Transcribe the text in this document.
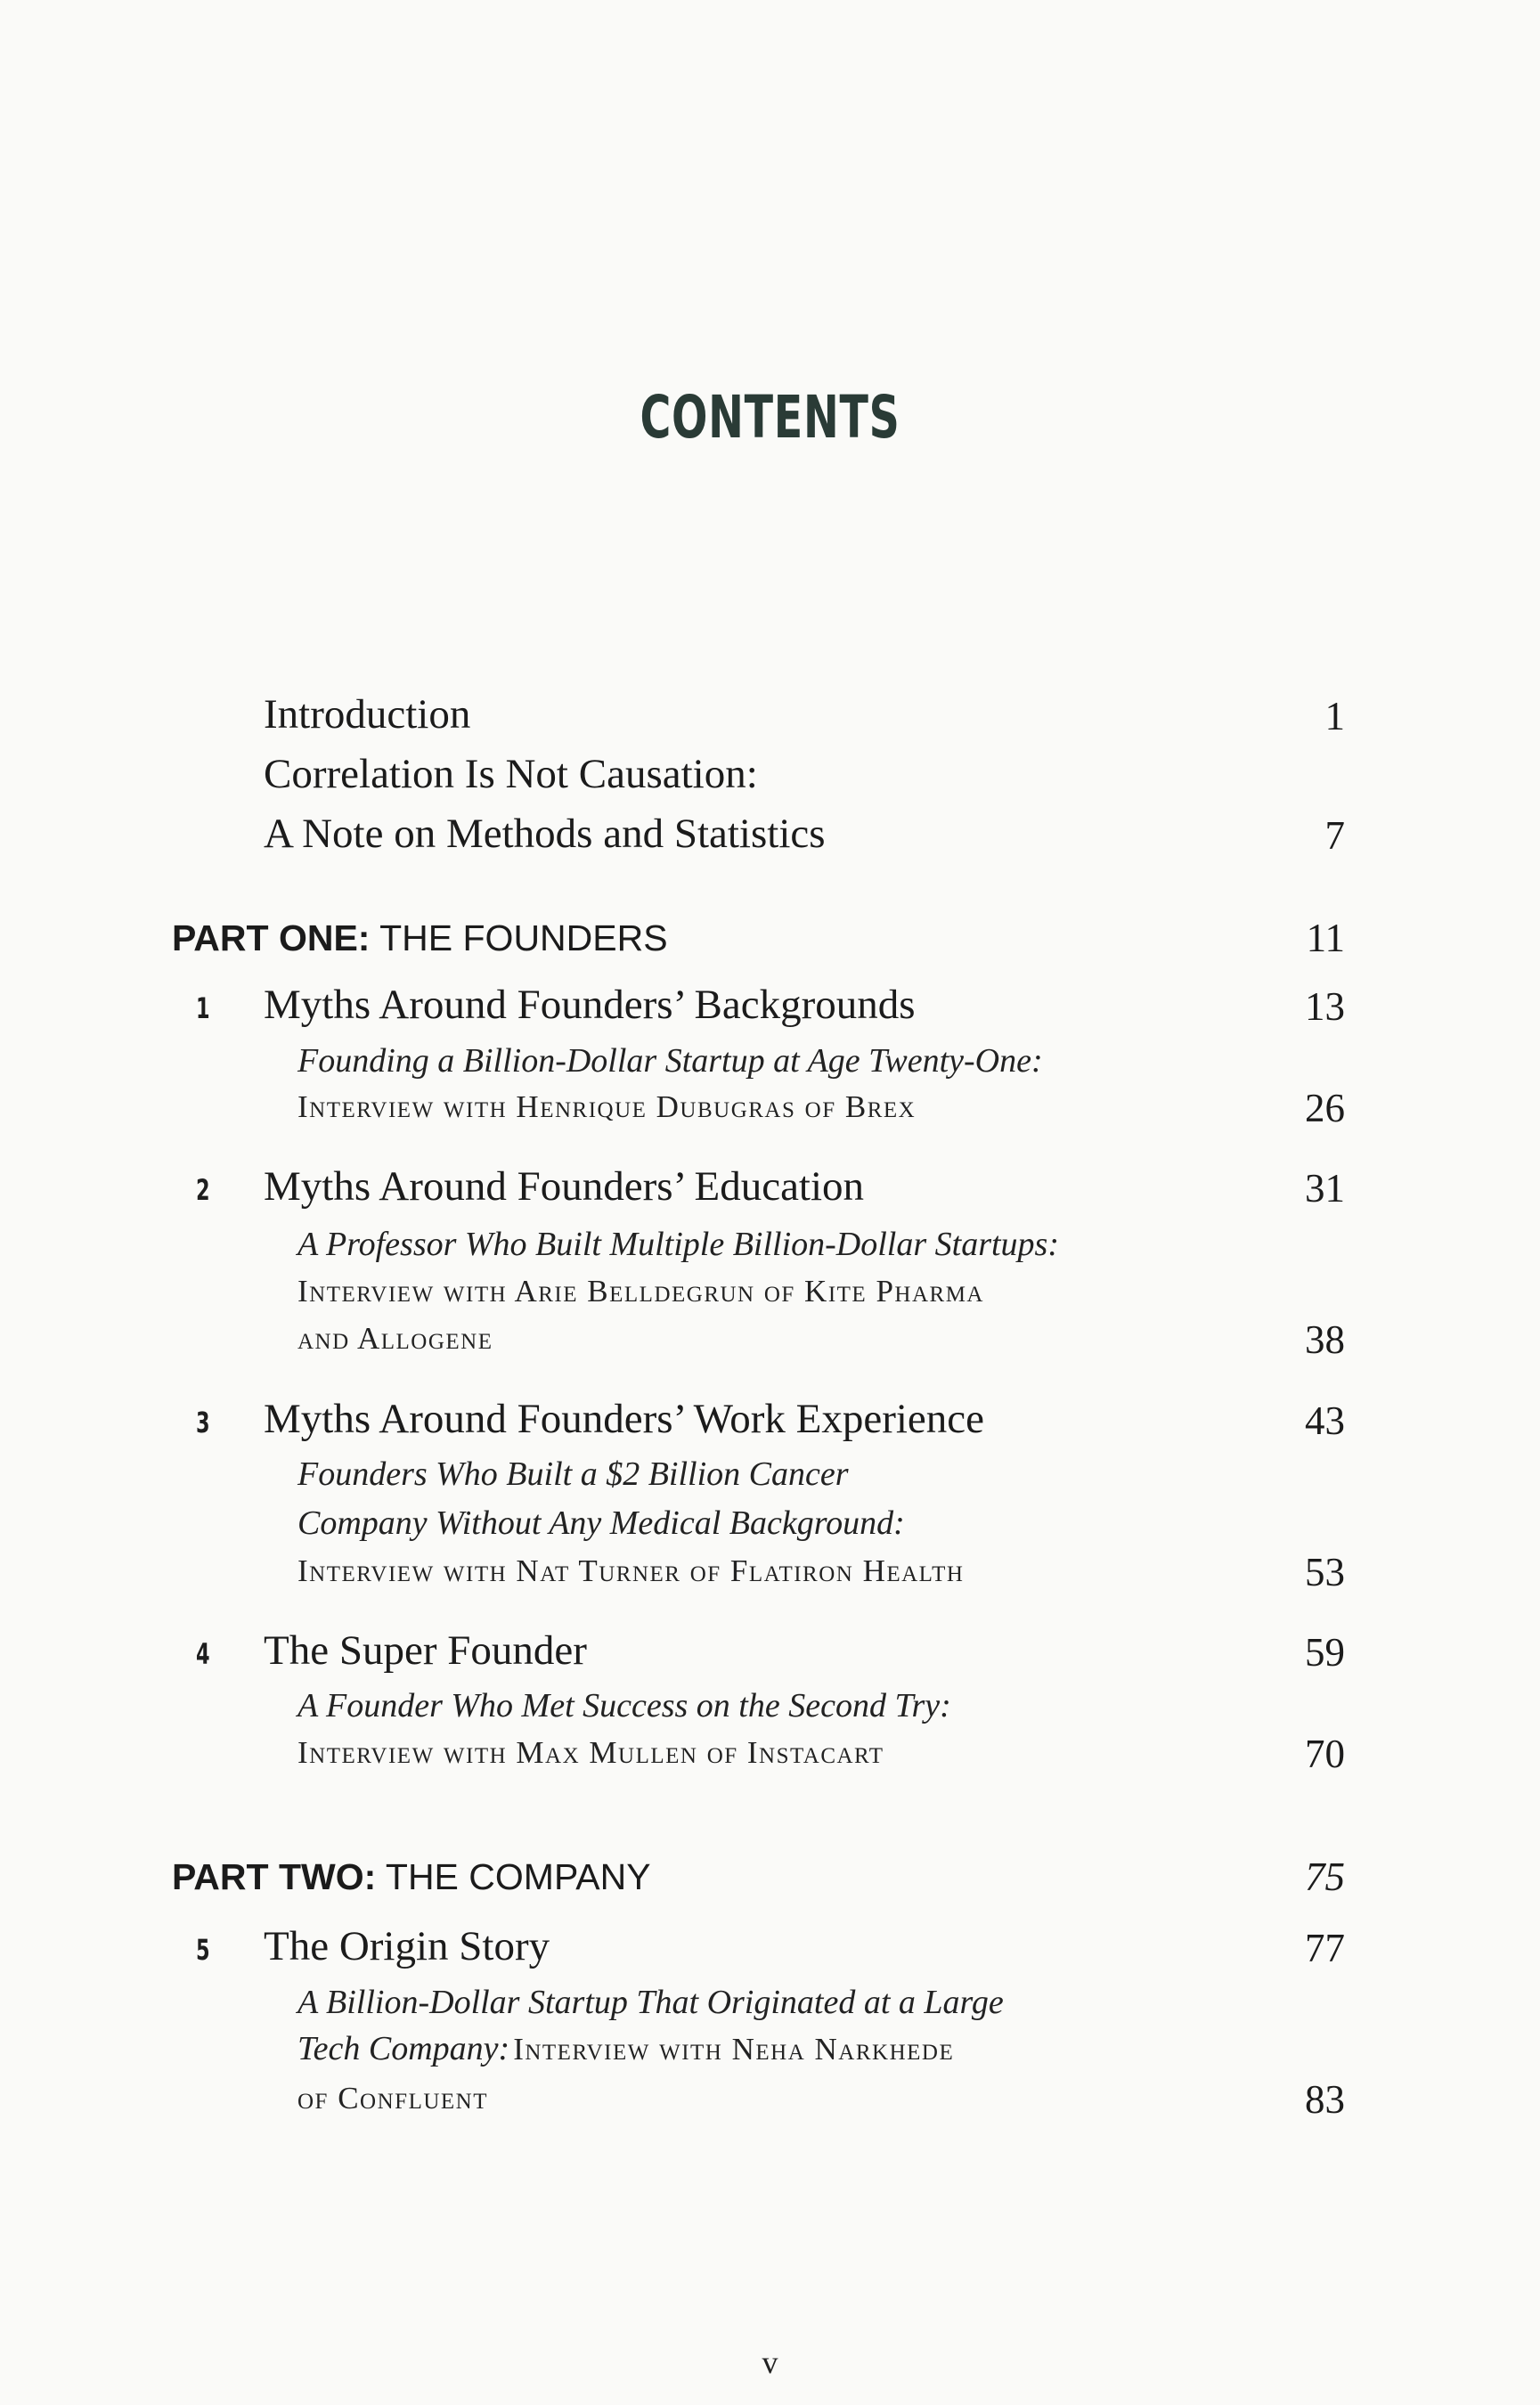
CONTENTS
Introduction	1
Correlation Is Not Causation:
A Note on Methods and Statistics	7
PART ONE: THE FOUNDERS	11
1 Myths Around Founders’ Backgrounds	13
Founding a Billion-Dollar Startup at Age Twenty-One:
Interview with Henrique Dubugras of Brex	26
2 Myths Around Founders’ Education	31
A Professor Who Built Multiple Billion-Dollar Startups:
Interview with Arie Belldegrun of Kite Pharma
and Allogene	38
3 Myths Around Founders’ Work Experience	43
Founders Who Built a $2 Billion Cancer
Company Without Any Medical Background:
Interview with Nat Turner of Flatiron Health	53
4 The Super Founder	59
A Founder Who Met Success on the Second Try:
Interview with Max Mullen of Instacart	70
PART TWO: THE COMPANY	75
5 The Origin Story	77
A Billion-Dollar Startup That Originated at a Large
Tech Company: Interview with Neha Narkhede
of Confluent	83
v
